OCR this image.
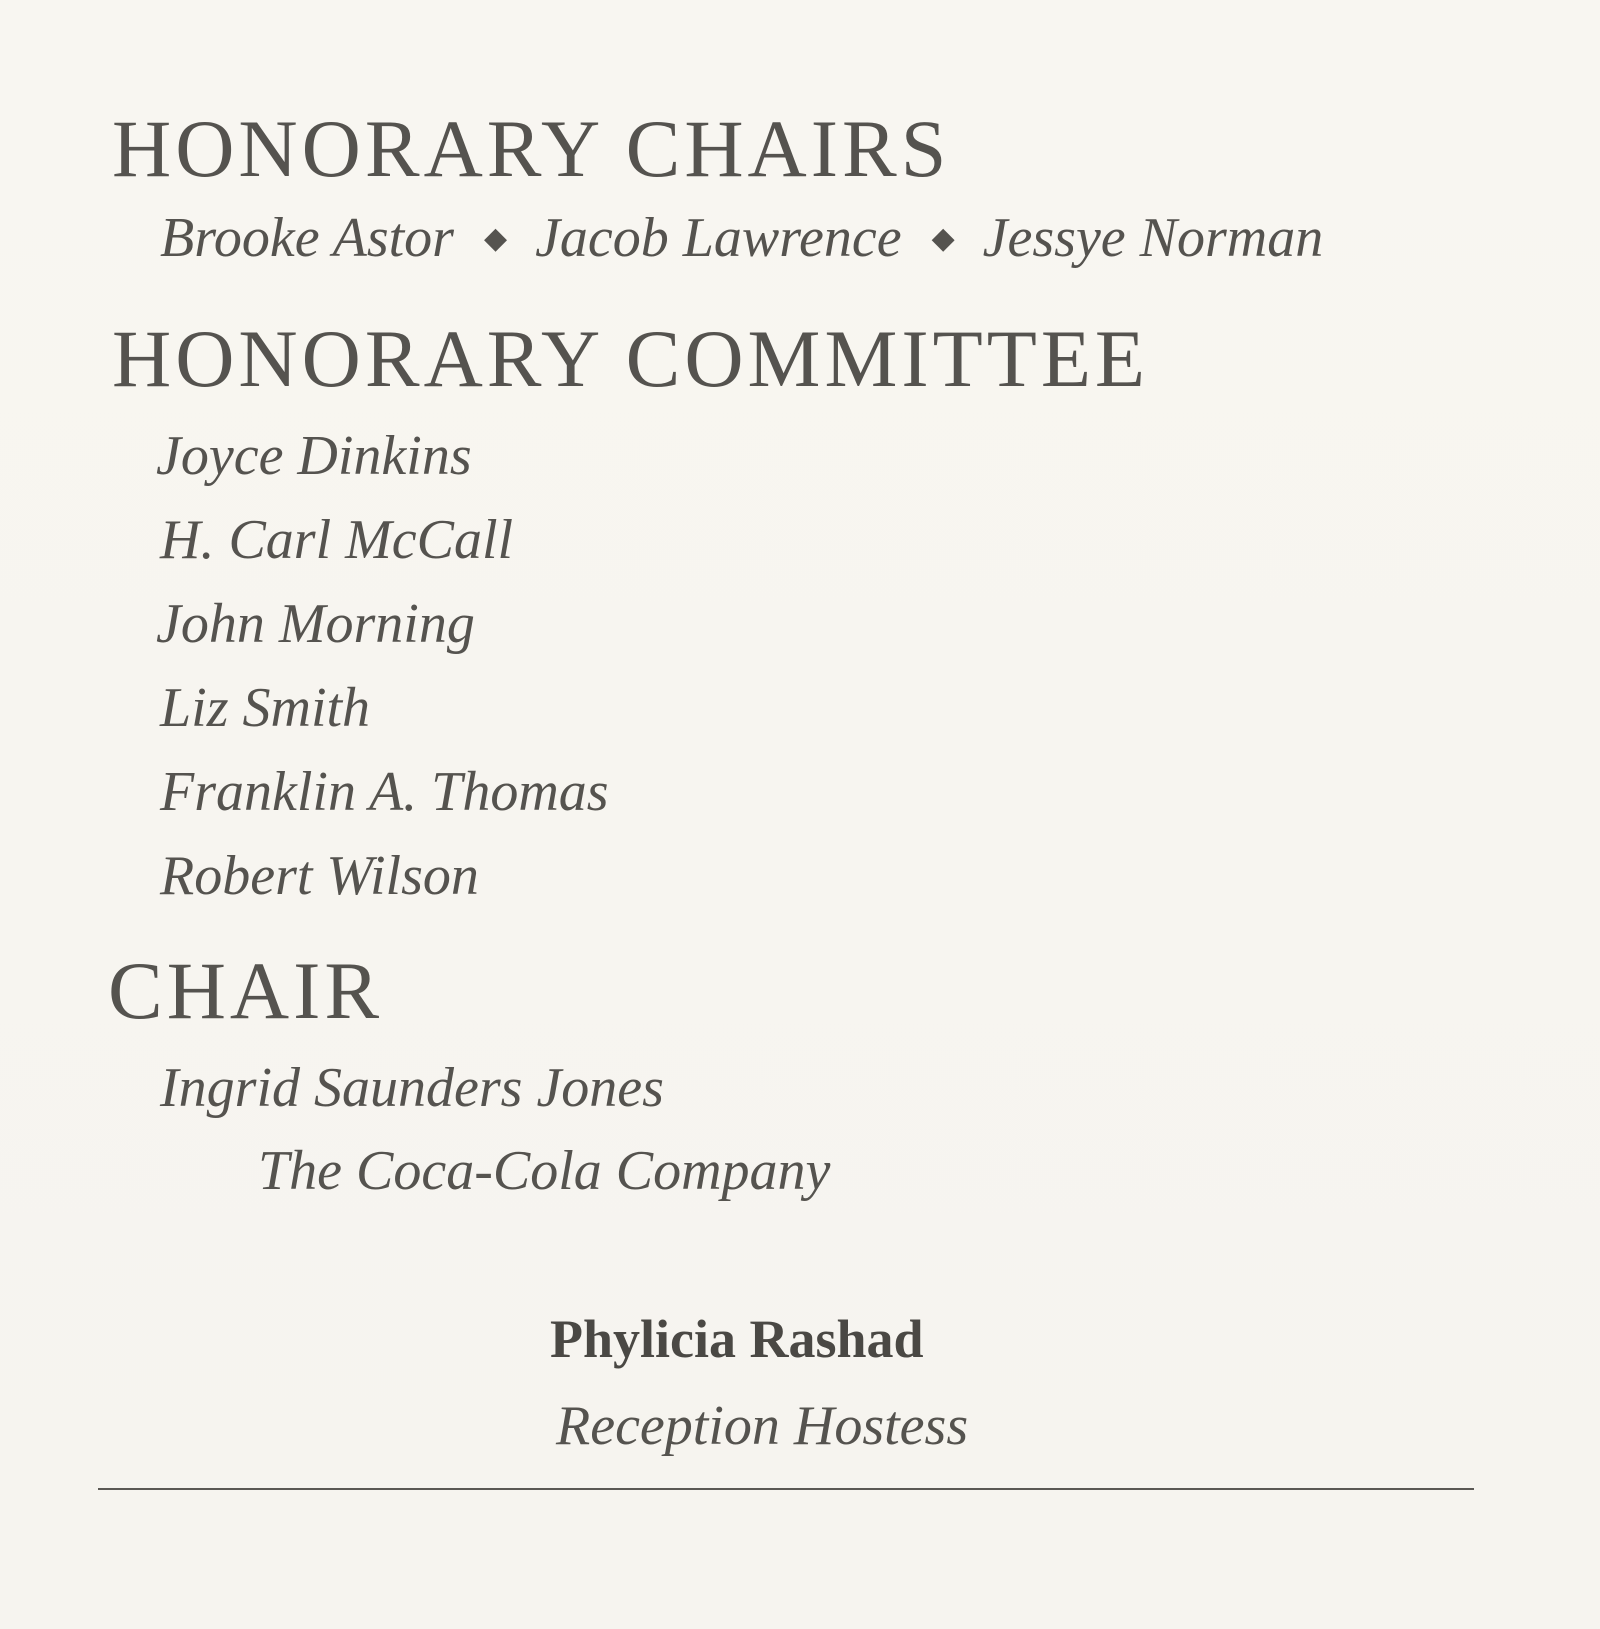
HONORARY CHAIRS
Brooke Astor ◆ Jacob Lawrence ◆ Jessye Norman
HONORARY COMMITTEE
Joyce Dinkins
H. Carl McCall
John Morning
Liz Smith
Franklin A. Thomas
Robert Wilson
CHAIR
Ingrid Saunders Jones
The Coca-Cola Company
Phylicia Rashad
Reception Hostess
